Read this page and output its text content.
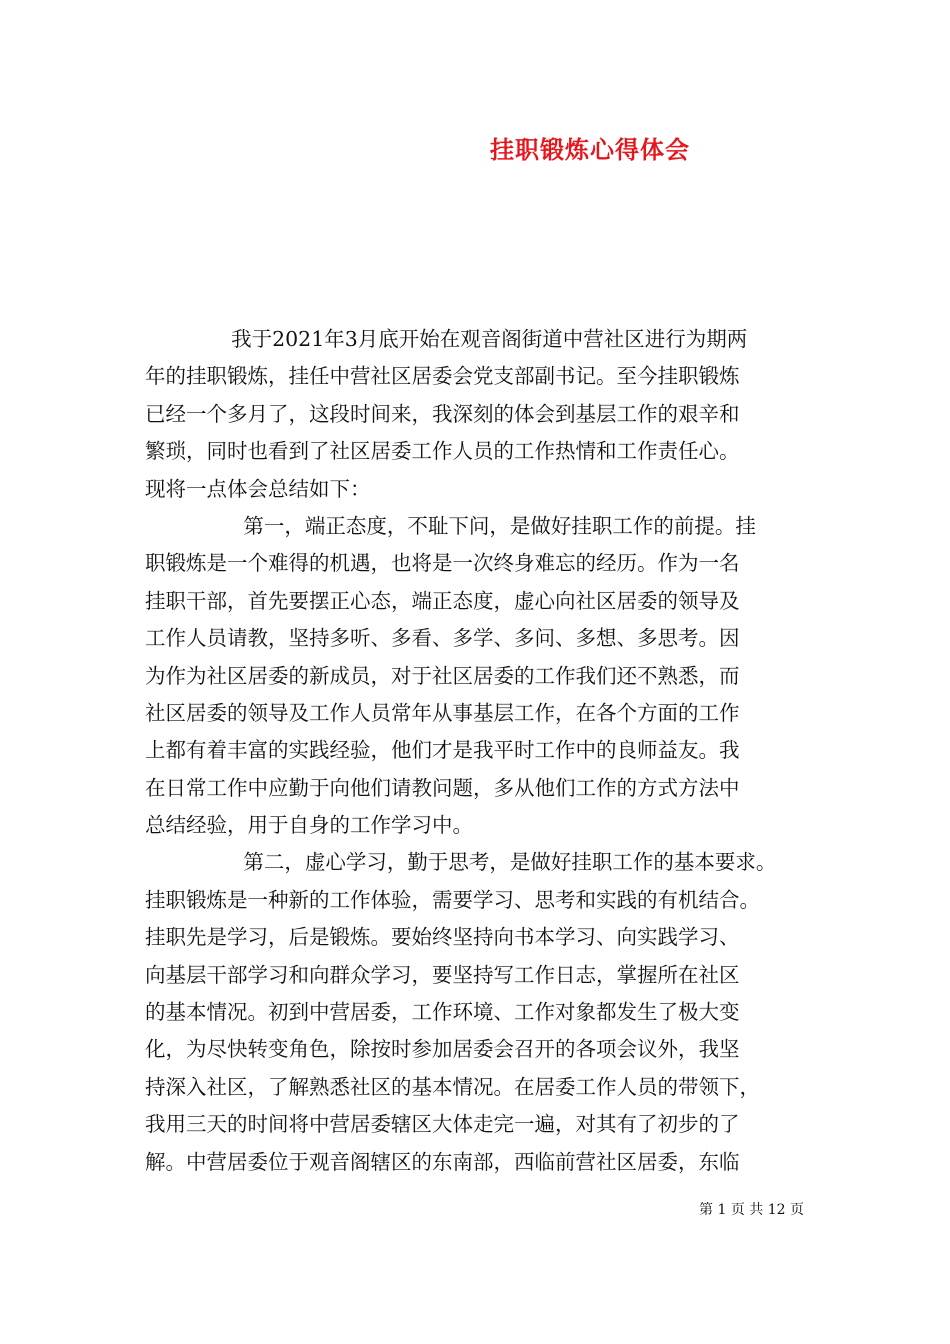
挂职锻炼心得体会
我于2021年3月底开始在观音阁街道中营社区进行为期两
年的挂职锻炼，挂任中营社区居委会党支部副书记。至今挂职锻炼
已经一个多月了，这段时间来，我深刻的体会到基层工作的艰辛和
繁琐，同时也看到了社区居委工作人员的工作热情和工作责任心。
现将一点体会总结如下：
第一，端正态度，不耻下问，是做好挂职工作的前提。挂
职锻炼是一个难得的机遇，也将是一次终身难忘的经历。作为一名
挂职干部，首先要摆正心态，端正态度，虚心向社区居委的领导及
工作人员请教，坚持多听、多看、多学、多问、多想、多思考。因
为作为社区居委的新成员，对于社区居委的工作我们还不熟悉，而
社区居委的领导及工作人员常年从事基层工作，在各个方面的工作
上都有着丰富的实践经验，他们才是我平时工作中的良师益友。我
在日常工作中应勤于向他们请教问题，多从他们工作的方式方法中
总结经验，用于自身的工作学习中。
第二，虚心学习，勤于思考，是做好挂职工作的基本要求。
挂职锻炼是一种新的工作体验，需要学习、思考和实践的有机结合。
挂职先是学习，后是锻炼。要始终坚持向书本学习、向实践学习、
向基层干部学习和向群众学习，要坚持写工作日志，掌握所在社区
的基本情况。初到中营居委，工作环境、工作对象都发生了极大变
化，为尽快转变角色，除按时参加居委会召开的各项会议外，我坚
持深入社区，了解熟悉社区的基本情况。在居委工作人员的带领下，
我用三天的时间将中营居委辖区大体走完一遍，对其有了初步的了
解。中营居委位于观音阁辖区的东南部，西临前营社区居委，东临
第 1 页 共 12 页
